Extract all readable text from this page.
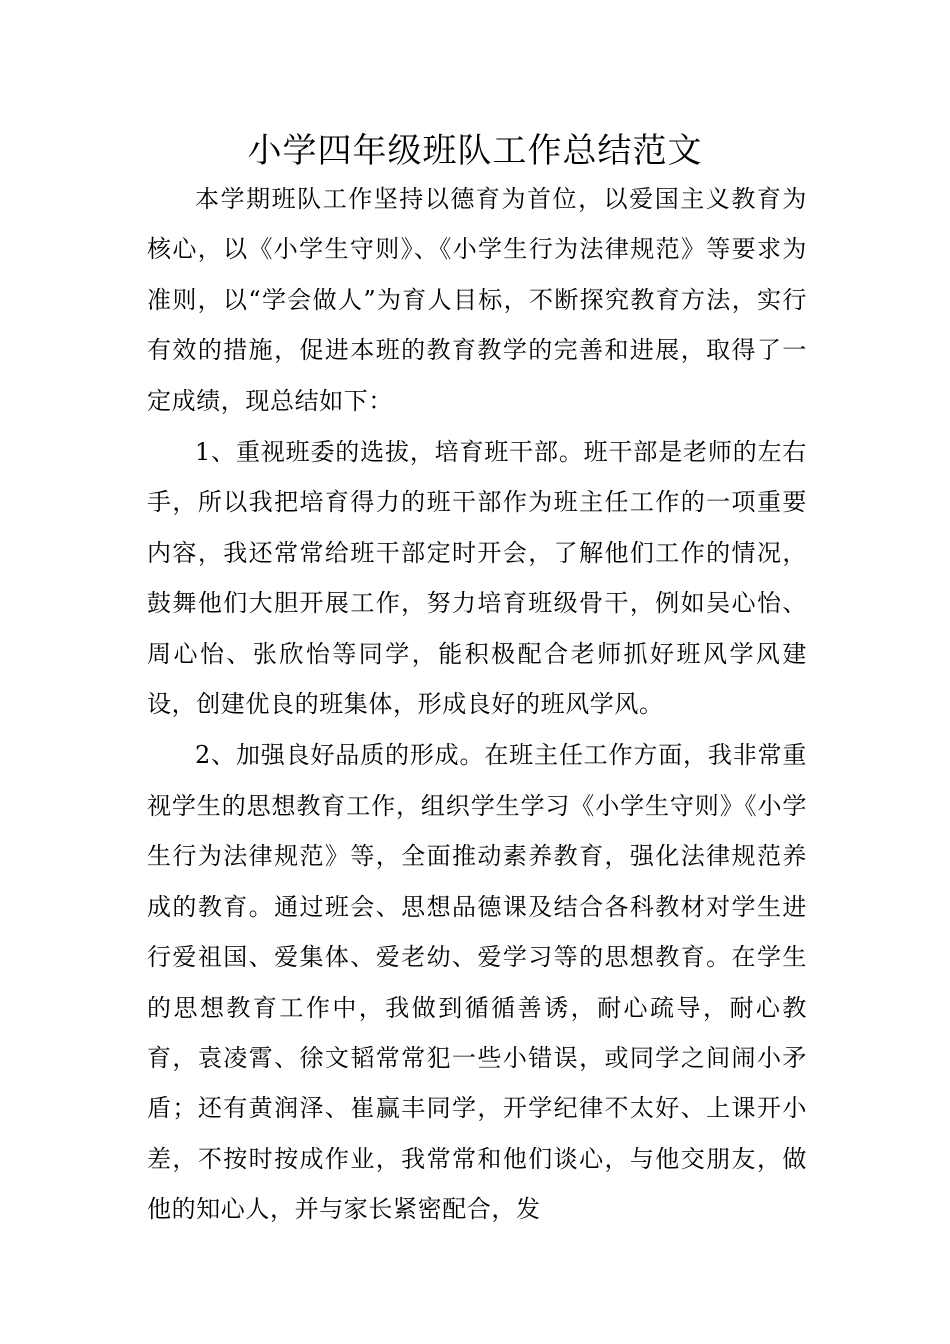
小学四年级班队工作总结范文

本学期班队工作坚持以德育为首位，以爱国主义教育为核心，以《小学生守则》、《小学生行为法律规范》等要求为准则，以“学会做人”为育人目标，不断探究教育方法，实行有效的措施，促进本班的教育教学的完善和进展，取得了一定成绩，现总结如下：

1、重视班委的选拔，培育班干部。班干部是老师的左右手，所以我把培育得力的班干部作为班主任工作的一项重要内容，我还常常给班干部定时开会，了解他们工作的情况，鼓舞他们大胆开展工作，努力培育班级骨干，例如吴心怡、周心怡、张欣怡等同学，能积极配合老师抓好班风学风建设，创建优良的班集体，形成良好的班风学风。

2、加强良好品质的形成。在班主任工作方面，我非常重视学生的思想教育工作，组织学生学习《小学生守则》《小学生行为法律规范》等，全面推动素养教育，强化法律规范养成的教育。通过班会、思想品德课及结合各科教材对学生进行爱祖国、爱集体、爱老幼、爱学习等的思想教育。在学生的思想教育工作中，我做到循循善诱，耐心疏导，耐心教育，袁凌霄、徐文韬常常犯一些小错误，或同学之间闹小矛盾；还有黄润泽、崔赢丰同学，开学纪律不太好、上课开小差，不按时按成作业，我常常和他们谈心，与他交朋友，做他的知心人，并与家长紧密配合，发
